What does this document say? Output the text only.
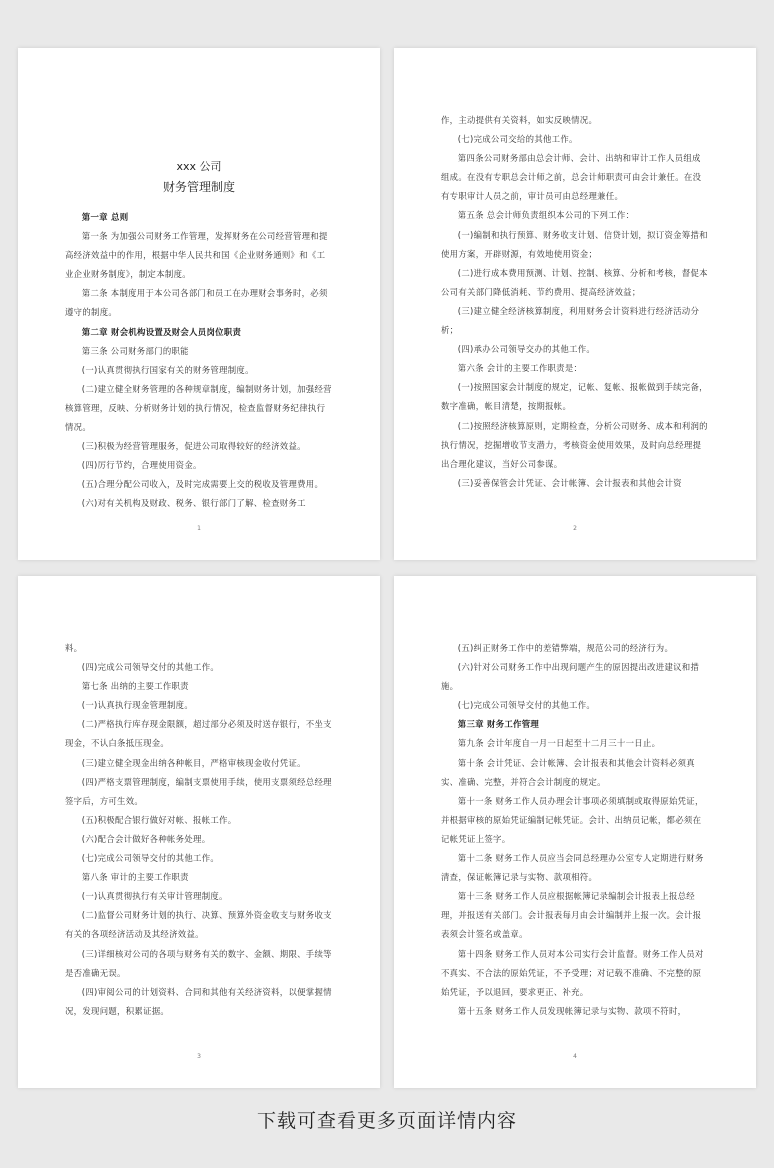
xxx 公司
财务管理制度

第一章 总则

第一条 为加强公司财务工作管理，发挥财务在公司经营管理和提高经济效益中的作用，根据中华人民共和国《企业财务通则》和《工业企业财务制度》，制定本制度。

第二条 本制度用于本公司各部门和员工在办理财会事务时，必须遵守的制度。

第二章 财会机构设置及财会人员岗位职责

第三条 公司财务部门的职能

(一)认真贯彻执行国家有关的财务管理制度。

(二)建立健全财务管理的各种规章制度，编制财务计划，加强经营核算管理，反映、分析财务计划的执行情况，检查监督财务纪律执行情况。

(三)积极为经营管理服务，促进公司取得较好的经济效益。

(四)厉行节约，合理使用资金。

(五)合理分配公司收入，及时完成需要上交的税收及管理费用。

(六)对有关机构及财政、税务、银行部门了解、检查财务工

1

作，主动提供有关资料，如实反映情况。

(七)完成公司交给的其他工作。

第四条公司财务部由总会计师、会计、出纳和审计工作人员组成组成。在没有专职总会计师之前，总会计师职责可由会计兼任。在没有专职审计人员之前，审计员可由总经理兼任。

第五条 总会计师负责组织本公司的下列工作：

(一)编制和执行预算、财务收支计划、信贷计划，拟订资金筹措和使用方案，开辟财源，有效地使用资金；

(二)进行成本费用预测、计划、控制、核算、分析和考核，督促本公司有关部门降低消耗、节约费用、提高经济效益；

(三)建立健全经济核算制度，利用财务会计资料进行经济活动分析；

(四)承办公司领导交办的其他工作。

第六条 会计的主要工作职责是：

(一)按照国家会计制度的规定，记帐、复帐、报帐做到手续完备，数字准确，帐目清楚，按期报帐。

(二)按照经济核算原则，定期检查，分析公司财务、成本和利润的执行情况，挖掘增收节支潜力，考核资金使用效果，及时向总经理提出合理化建议，当好公司参谋。

(三)妥善保管会计凭证、会计帐簿、会计报表和其他会计资

2

料。

(四)完成公司领导交付的其他工作。

第七条 出纳的主要工作职责

(一)认真执行现金管理制度。

(二)严格执行库存现金限额，超过部分必须及时送存银行，不坐支现金，不认白条抵压现金。

(三)建立健全现金出纳各种帐目，严格审核现金收付凭证。

(四)严格支票管理制度，编制支票使用手续，使用支票须经总经理签字后，方可生效。

(五)积极配合银行做好对帐、报帐工作。

(六)配合会计做好各种帐务处理。

(七)完成公司领导交付的其他工作。

第八条 审计的主要工作职责

(一)认真贯彻执行有关审计管理制度。

(二)监督公司财务计划的执行、决算、预算外资金收支与财务收支有关的各项经济活动及其经济效益。

(三)详细核对公司的各项与财务有关的数字、金额、期限、手续等是否准确无误。

(四)审阅公司的计划资料、合同和其他有关经济资料，以便掌握情况，发现问题，积累证据。

3

(五)纠正财务工作中的差错弊端，规范公司的经济行为。

(六)针对公司财务工作中出现问题产生的原因提出改进建议和措施。

(七)完成公司领导交付的其他工作。

第三章 财务工作管理

第九条 会计年度自一月一日起至十二月三十一日止。

第十条 会计凭证、会计帐簿、会计报表和其他会计资料必须真实、准确、完整，并符合会计制度的规定。

第十一条 财务工作人员办理会计事项必须填制或取得原始凭证，并根据审核的原始凭证编制记帐凭证。会计、出纳员记帐，都必须在记帐凭证上签字。

第十二条 财务工作人员应当会同总经理办公室专人定期进行财务清查，保证帐簿记录与实物、款项相符。

第十三条 财务工作人员应根据帐簿记录编制会计报表上报总经理，并报送有关部门。会计报表每月由会计编制并上报一次。会计报表须会计签名或盖章。

第十四条 财务工作人员对本公司实行会计监督。财务工作人员对不真实、不合法的原始凭证，不予受理；对记载不准确、不完整的原始凭证，予以退回，要求更正、补充。

第十五条 财务工作人员发现帐簿记录与实物、款项不符时，

4
下载可查看更多页面详情内容
